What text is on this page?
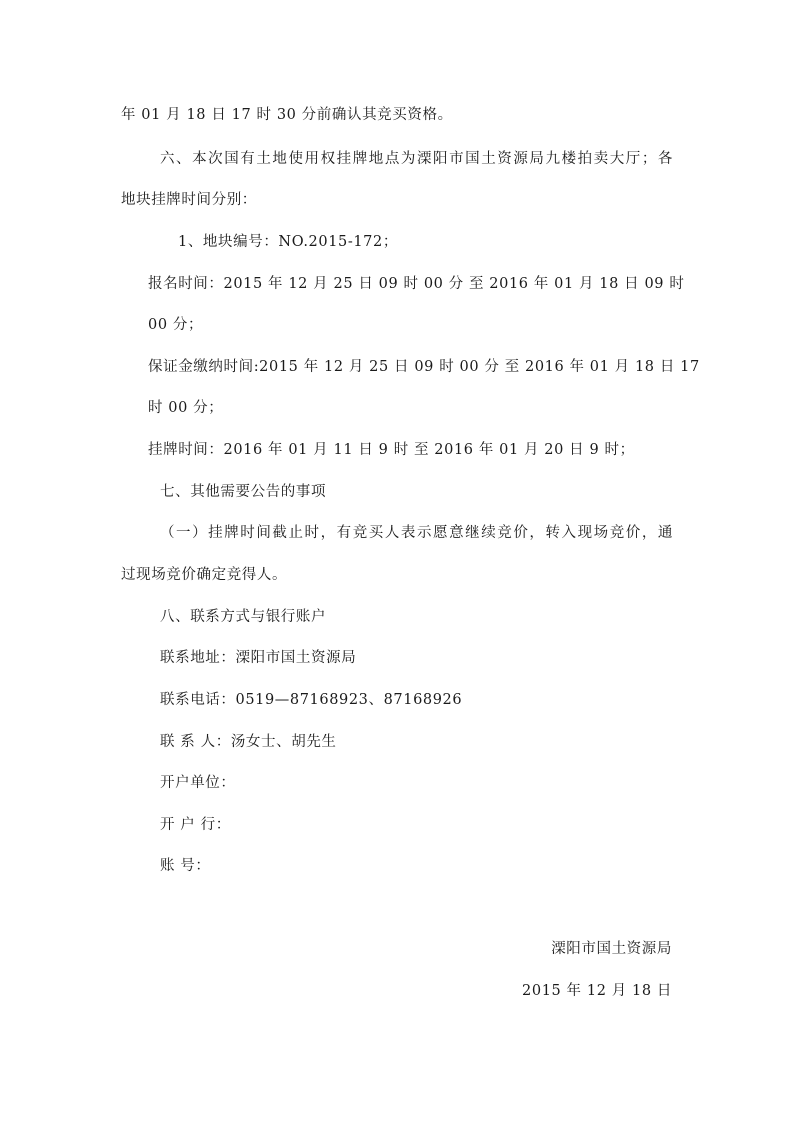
年 01 月 18 日 17 时 30 分前确认其竞买资格。
六、本次国有土地使用权挂牌地点为溧阳市国土资源局九楼拍卖大厅；各
地块挂牌时间分别：
1、地块编号：NO.2015-172；
报名时间：2015 年 12 月 25 日 09 时 00 分 至 2016 年 01 月 18 日 09 时
00 分；
保证金缴纳时间:2015 年 12 月 25 日 09 时 00 分 至 2016 年 01 月 18 日 17
时 00 分；
挂牌时间：2016 年 01 月 11 日 9 时 至 2016 年 01 月 20 日 9 时；
七、其他需要公告的事项
（一）挂牌时间截止时，有竞买人表示愿意继续竞价，转入现场竞价，通
过现场竞价确定竞得人。
八、联系方式与银行账户
联系地址：溧阳市国土资源局
联系电话：0519—87168923、87168926
联 系 人：汤女士、胡先生
开户单位：
开 户 行：
账 号：
溧阳市国土资源局
2015 年 12 月 18 日
